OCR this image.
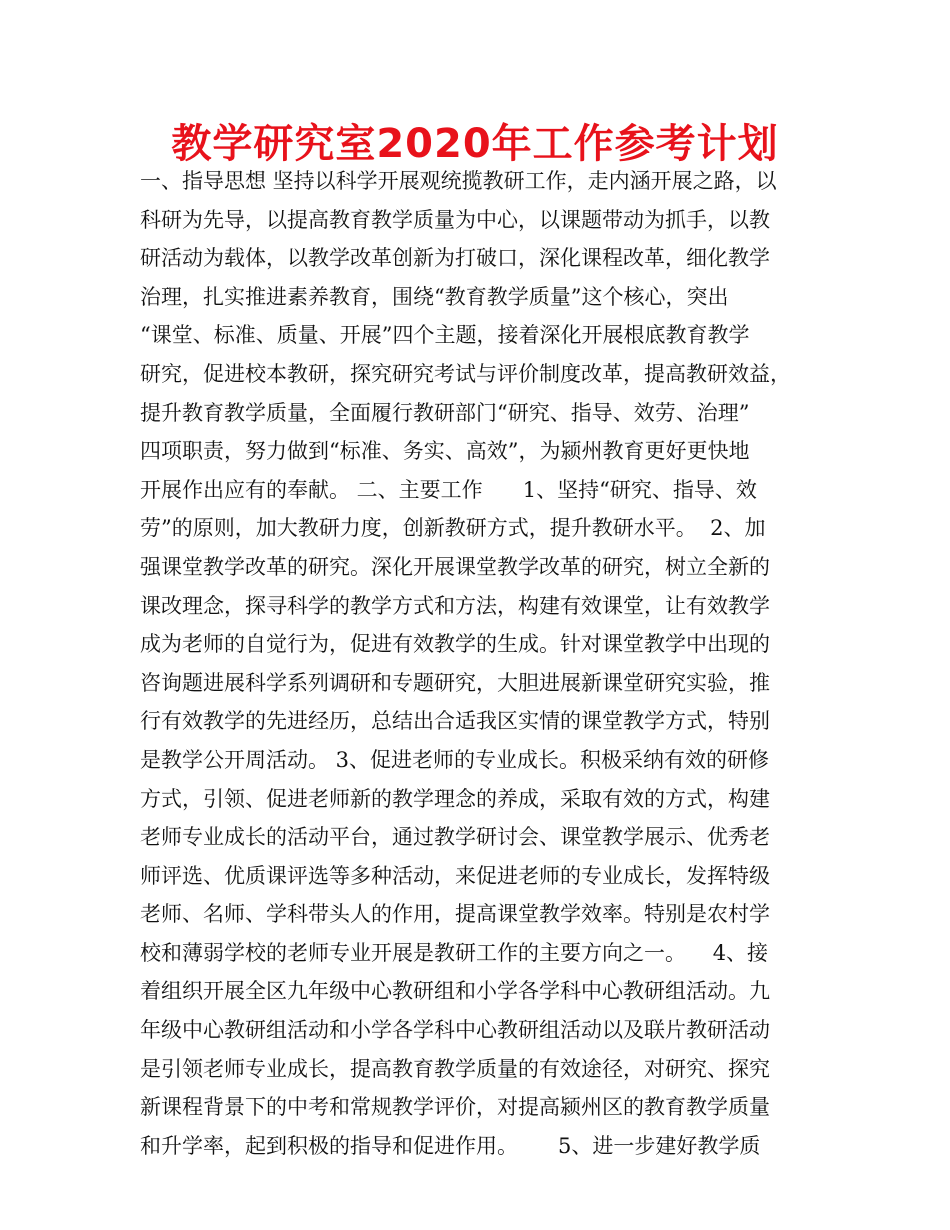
教学研究室2020年工作参考计划
一、指导思想 坚持以科学开展观统揽教研工作，走内涵开展之路，以
科研为先导，以提高教育教学质量为中心，以课题带动为抓手，以教
研活动为载体，以教学改革创新为打破口，深化课程改革，细化教学
治理，扎实推进素养教育，围绕“教育教学质量”这个核心，突出
“课堂、标准、质量、开展”四个主题，接着深化开展根底教育教学
研究，促进校本教研，探究研究考试与评价制度改革，提高教研效益，
提升教育教学质量，全面履行教研部门“研究、指导、效劳、治理”
四项职责，努力做到“标准、务实、高效”，为颍州教育更好更快地
开展作出应有的奉献。 二、主要工作      1、坚持“研究、指导、效
劳”的原则，加大教研力度，创新教研方式，提升教研水平。  2、加
强课堂教学改革的研究。深化开展课堂教学改革的研究，树立全新的
课改理念，探寻科学的教学方式和方法，构建有效课堂，让有效教学
成为老师的自觉行为，促进有效教学的生成。针对课堂教学中出现的
咨询题进展科学系列调研和专题研究，大胆进展新课堂研究实验，推
行有效教学的先进经历，总结出合适我区实情的课堂教学方式，特别
是教学公开周活动。 3、促进老师的专业成长。积极采纳有效的研修
方式，引领、促进老师新的教学理念的养成，采取有效的方式，构建
老师专业成长的活动平台，通过教学研讨会、课堂教学展示、优秀老
师评选、优质课评选等多种活动，来促进老师的专业成长，发挥特级
老师、名师、学科带头人的作用，提高课堂教学效率。特别是农村学
校和薄弱学校的老师专业开展是教研工作的主要方向之一。    4、接
着组织开展全区九年级中心教研组和小学各学科中心教研组活动。九
年级中心教研组活动和小学各学科中心教研组活动以及联片教研活动
是引领老师专业成长，提高教育教学质量的有效途径，对研究、探究
新课程背景下的中考和常规教学评价，对提高颍州区的教育教学质量
和升学率，起到积极的指导和促进作用。      5、进一步建好教学质
